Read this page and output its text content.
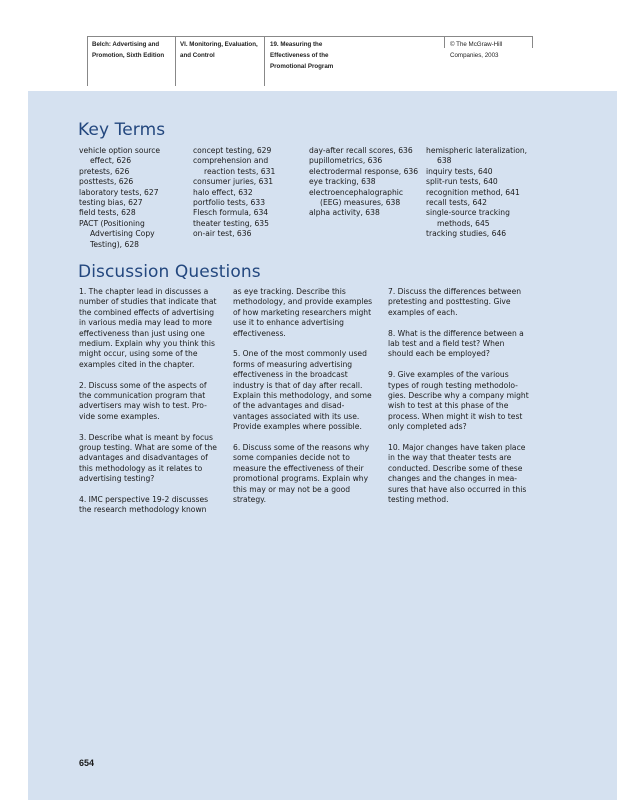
Belch: Advertising and
Promotion, Sixth Edition
VI. Monitoring, Evaluation,
and Control
19. Measuring the
Effectiveness of the
Promotional Program
© The McGraw-Hill
Companies, 2003
Key Terms
vehicle option source effect, 626
pretests, 626
posttests, 626
laboratory tests, 627
testing bias, 627
field tests, 628
PACT (Positioning Advertising Copy Testing), 628
concept testing, 629
comprehension and reaction tests, 631
consumer juries, 631
halo effect, 632
portfolio tests, 633
Flesch formula, 634
theater testing, 635
on-air test, 636
day-after recall scores, 636
pupillometrics, 636
electrodermal response, 636
eye tracking, 638
electroencephalographic (EEG) measures, 638
alpha activity, 638
hemispheric lateralization, 638
inquiry tests, 640
split-run tests, 640
recognition method, 641
recall tests, 642
single-source tracking methods, 645
tracking studies, 646
Discussion Questions

1. The chapter lead in discusses a number of studies that indicate that the combined effects of advertising in various media may lead to more effectiveness than just using one medium. Explain why you think this might occur, using some of the examples cited in the chapter.

2. Discuss some of the aspects of the communication program that advertisers may wish to test. Pro-vide some examples.

3. Describe what is meant by focus group testing. What are some of the advantages and disadvantages of this methodology as it relates to advertising testing?

4. IMC perspective 19-2 discusses the research methodology known

as eye tracking. Describe this methodology, and provide examples of how marketing researchers might use it to enhance advertising effectiveness.

5. One of the most commonly used forms of measuring advertising effectiveness in the broadcast industry is that of day after recall. Explain this methodology, and some of the advantages and disad-vantages associated with its use. Provide examples where possible.

6. Discuss some of the reasons why some companies decide not to measure the effectiveness of their promotional programs. Explain why this may or may not be a good strategy.

7. Discuss the differences between pretesting and posttesting. Give examples of each.

8. What is the difference between a lab test and a field test? When should each be employed?

9. Give examples of the various types of rough testing methodolo-gies. Describe why a company might wish to test at this phase of the process. When might it wish to test only completed ads?

10. Major changes have taken place in the way that theater tests are conducted. Describe some of these changes and the changes in mea-sures that have also occurred in this testing method.

654
